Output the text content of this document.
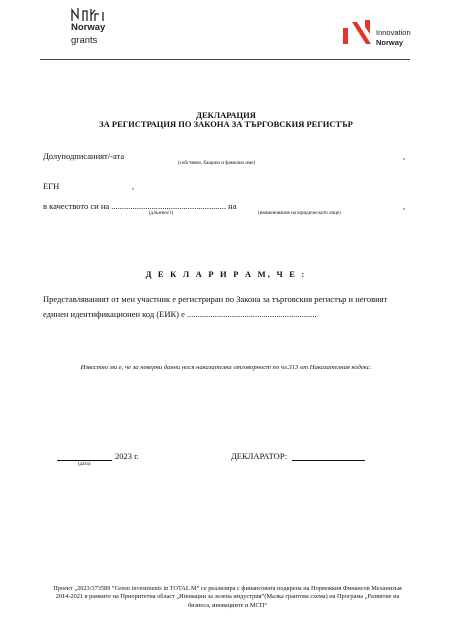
Norway
grants
Innovation
Norway
ДЕКЛАРАЦИЯ
ЗА РЕГИСТРАЦИЯ ПО ЗАКОНА ЗА ТЪРГОВСКИЯ РЕГИСТЪР
Долуподписаният/-ата	,
(собствено, бащино и фамилно име)
ЕГН	,
в качеството си на ...................................................... на	,
(длъжност)	(наименование на юридическото лице)
Д Е К Л А Р И Р А М, Ч Е :
Представляваният от мен участник е регистриран по Закона за търговския регистър и неговият
единен идентификационен код (ЕИК) е .............................................................
Известно ми е, че за неверни данни нося наказателна отговорност по чл.313 от Наказателния кодекс.
2023 г.
(дата)
ДЕКЛАРАТОР:
Проект „2023/373589 “Green investments in TOTAL M” се реализира с финансовата подкрепа на Норвежкия Финансов Механизъм
2014-2021 в рамките на Приоритетна област „Иновации за зелена индустрия”(Малка грантова схема) на Програма „Развитие на
бизнеса, иновациите и МСП“
